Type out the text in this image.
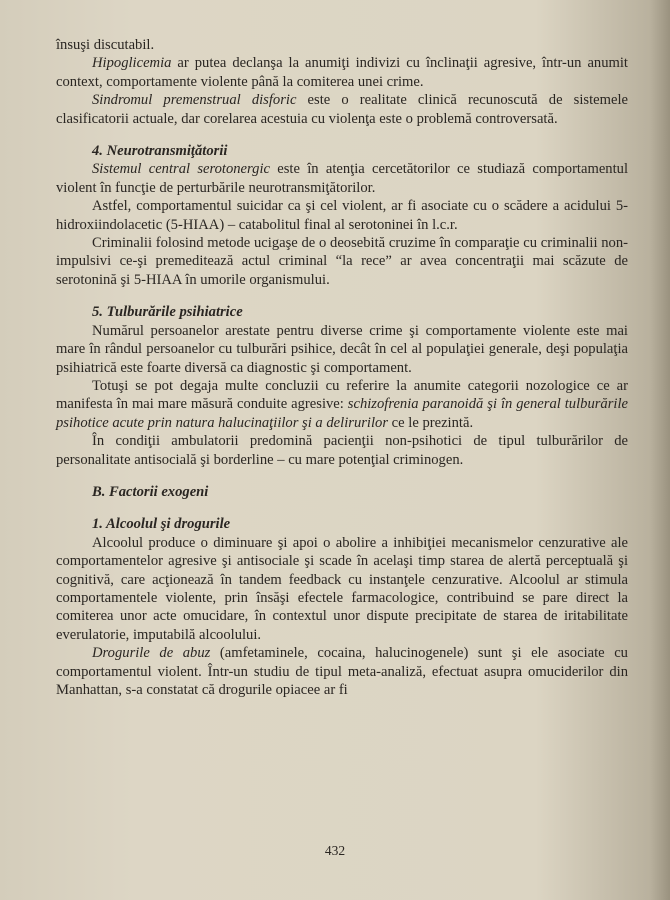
însuşi discutabil.

Hipoglicemia ar putea declanşa la anumiţi indivizi cu înclinaţii agresive, într-un anumit context, comportamente violente până la comiterea unei crime.

Sindromul premenstrual disforic este o realitate clinică recunoscută de sistemele clasificatorii actuale, dar corelarea acestuia cu violenţa este o problemă controversată.

4. Neurotransmiţătorii

Sistemul central serotonergic este în atenţia cercetătorilor ce studiază comportamentul violent în funcţie de perturbările neurotransmiţătorilor.

Astfel, comportamentul suicidar ca şi cel violent, ar fi asociate cu o scădere a acidului 5-hidroxiindolacetic (5-HIAA) – catabolitul final al serotoninei în l.c.r.

Criminalii folosind metode ucigaşe de o deosebită cruzime în comparaţie cu criminalii non-impulsivi ce-şi premeditează actul criminal “la rece” ar avea concentraţii mai scăzute de serotonină şi 5-HIAA în umorile organismului.

5. Tulburările psihiatrice

Numărul persoanelor arestate pentru diverse crime şi comportamente violente este mai mare în rândul persoanelor cu tulburări psihice, decât în cel al populaţiei generale, deşi populaţia psihiatrică este foarte diversă ca diagnostic şi comportament.

Totuşi se pot degaja multe concluzii cu referire la anumite categorii nozologice ce ar manifesta în mai mare măsură conduite agresive: schizofrenia paranoidă şi în general tulburările psihotice acute prin natura halucinaţiilor şi a delirurilor ce le prezintă.

În condiţii ambulatorii predomină pacienţii non-psihotici de tipul tulburărilor de personalitate antisocială şi borderline – cu mare potenţial criminogen.

B. Factorii exogeni

1. Alcoolul şi drogurile

Alcoolul produce o diminuare şi apoi o abolire a inhibiţiei mecanismelor cenzurative ale comportamentelor agresive şi antisociale şi scade în acelaşi timp starea de alertă perceptuală şi cognitivă, care acţionează în tandem feedback cu instanţele cenzurative. Alcoolul ar stimula comportamentele violente, prin însăşi efectele farmacologice, contribuind se pare direct la comiterea unor acte omucidare, în contextul unor dispute precipitate de starea de iritabilitate everulatorie, imputabilă alcoolului.

Drogurile de abuz (amfetaminele, cocaina, halucinogenele) sunt şi ele asociate cu comportamentul violent. Într-un studiu de tipul meta-analiză, efectuat asupra omuciderilor din Manhattan, s-a constatat că drogurile opiacee ar fi

432
